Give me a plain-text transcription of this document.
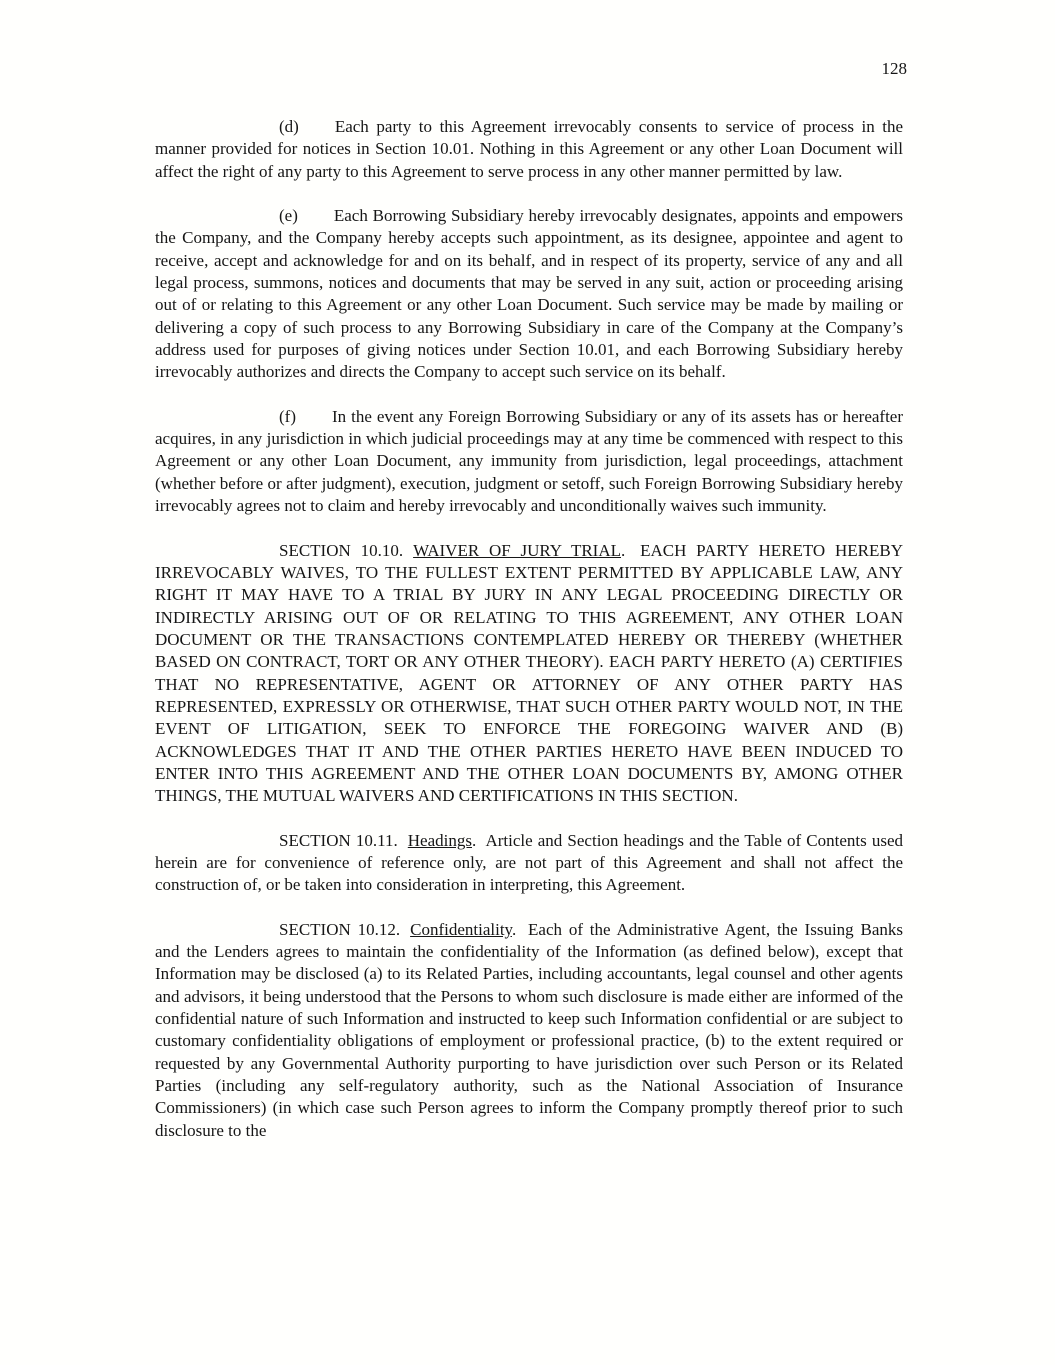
128

(d) Each party to this Agreement irrevocably consents to service of process in the manner provided for notices in Section 10.01. Nothing in this Agreement or any other Loan Document will affect the right of any party to this Agreement to serve process in any other manner permitted by law.

(e) Each Borrowing Subsidiary hereby irrevocably designates, appoints and empowers the Company, and the Company hereby accepts such appointment, as its designee, appointee and agent to receive, accept and acknowledge for and on its behalf, and in respect of its property, service of any and all legal process, summons, notices and documents that may be served in any suit, action or proceeding arising out of or relating to this Agreement or any other Loan Document. Such service may be made by mailing or delivering a copy of such process to any Borrowing Subsidiary in care of the Company at the Company’s address used for purposes of giving notices under Section 10.01, and each Borrowing Subsidiary hereby irrevocably authorizes and directs the Company to accept such service on its behalf.

(f) In the event any Foreign Borrowing Subsidiary or any of its assets has or hereafter acquires, in any jurisdiction in which judicial proceedings may at any time be commenced with respect to this Agreement or any other Loan Document, any immunity from jurisdiction, legal proceedings, attachment (whether before or after judgment), execution, judgment or setoff, such Foreign Borrowing Subsidiary hereby irrevocably agrees not to claim and hereby irrevocably and unconditionally waives such immunity.

SECTION 10.10. WAIVER OF JURY TRIAL. EACH PARTY HERETO HEREBY IRREVOCABLY WAIVES, TO THE FULLEST EXTENT PERMITTED BY APPLICABLE LAW, ANY RIGHT IT MAY HAVE TO A TRIAL BY JURY IN ANY LEGAL PROCEEDING DIRECTLY OR INDIRECTLY ARISING OUT OF OR RELATING TO THIS AGREEMENT, ANY OTHER LOAN DOCUMENT OR THE TRANSACTIONS CONTEMPLATED HEREBY OR THEREBY (WHETHER BASED ON CONTRACT, TORT OR ANY OTHER THEORY). EACH PARTY HERETO (A) CERTIFIES THAT NO REPRESENTATIVE, AGENT OR ATTORNEY OF ANY OTHER PARTY HAS REPRESENTED, EXPRESSLY OR OTHERWISE, THAT SUCH OTHER PARTY WOULD NOT, IN THE EVENT OF LITIGATION, SEEK TO ENFORCE THE FOREGOING WAIVER AND (B) ACKNOWLEDGES THAT IT AND THE OTHER PARTIES HERETO HAVE BEEN INDUCED TO ENTER INTO THIS AGREEMENT AND THE OTHER LOAN DOCUMENTS BY, AMONG OTHER THINGS, THE MUTUAL WAIVERS AND CERTIFICATIONS IN THIS SECTION.

SECTION 10.11. Headings. Article and Section headings and the Table of Contents used herein are for convenience of reference only, are not part of this Agreement and shall not affect the construction of, or be taken into consideration in interpreting, this Agreement.

SECTION 10.12. Confidentiality. Each of the Administrative Agent, the Issuing Banks and the Lenders agrees to maintain the confidentiality of the Information (as defined below), except that Information may be disclosed (a) to its Related Parties, including accountants, legal counsel and other agents and advisors, it being understood that the Persons to whom such disclosure is made either are informed of the confidential nature of such Information and instructed to keep such Information confidential or are subject to customary confidentiality obligations of employment or professional practice, (b) to the extent required or requested by any Governmental Authority purporting to have jurisdiction over such Person or its Related Parties (including any self-regulatory authority, such as the National Association of Insurance Commissioners) (in which case such Person agrees to inform the Company promptly thereof prior to such disclosure to the
